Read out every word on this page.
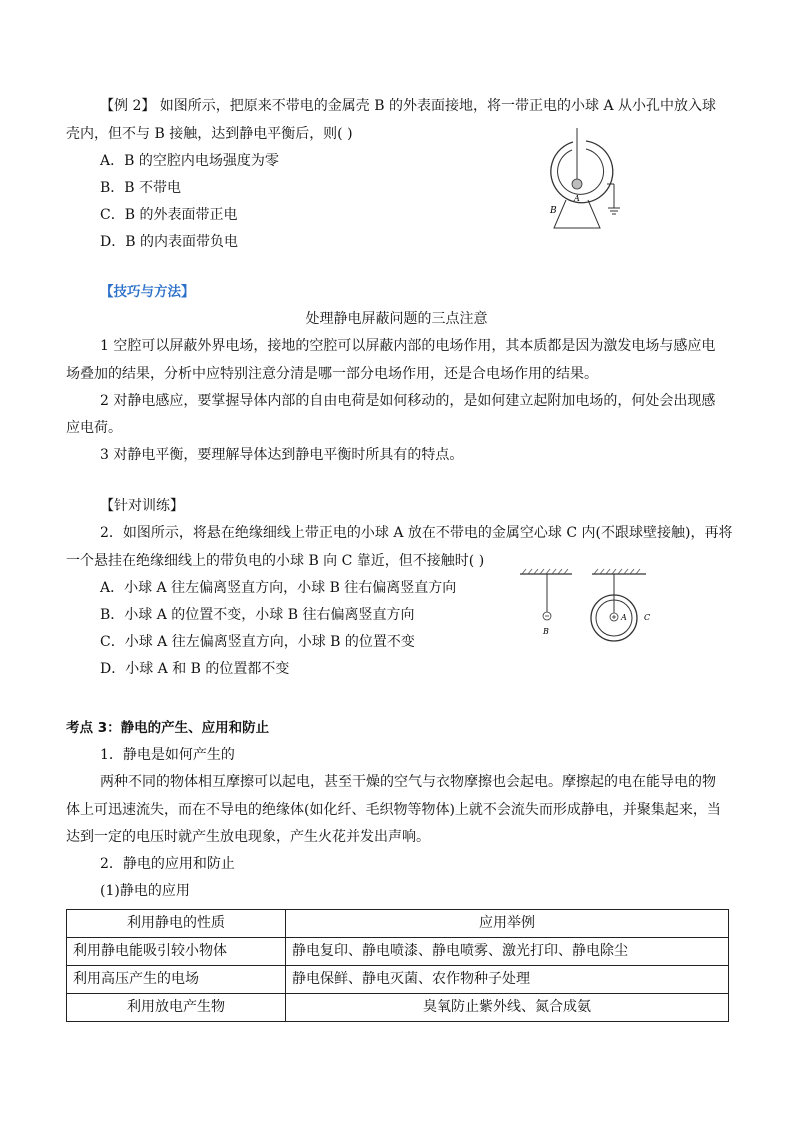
【例 2】 如图所示，把原来不带电的金属壳 B 的外表面接地，将一带正电的小球 A 从小孔中放入球
壳内，但不与 B 接触，达到静电平衡后，则( )
A．B 的空腔内电场强度为零
B．B 不带电
C．B 的外表面带正电
D．B 的内表面带负电
A
B
【技巧与方法】
处理静电屏蔽问题的三点注意
1 空腔可以屏蔽外界电场，接地的空腔可以屏蔽内部的电场作用，其本质都是因为激发电场与感应电
场叠加的结果，分析中应特别注意分清是哪一部分电场作用，还是合电场作用的结果。
2 对静电感应，要掌握导体内部的自由电荷是如何移动的，是如何建立起附加电场的，何处会出现感
应电荷。
3 对静电平衡，要理解导体达到静电平衡时所具有的特点。
【针对训练】
2．如图所示，将悬在绝缘细线上带正电的小球 A 放在不带电的金属空心球 C 内(不跟球壁接触)，再将
一个悬挂在绝缘细线上的带负电的小球 B 向 C 靠近，但不接触时( )
A．小球 A 往左偏离竖直方向，小球 B 往右偏离竖直方向
B．小球 A 的位置不变，小球 B 往右偏离竖直方向
C．小球 A 往左偏离竖直方向，小球 B 的位置不变
D．小球 A 和 B 的位置都不变
B
A C
考点 3：静电的产生、应用和防止
1．静电是如何产生的
两种不同的物体相互摩擦可以起电，甚至干燥的空气与衣物摩擦也会起电。摩擦起的电在能导电的物
体上可迅速流失，而在不导电的绝缘体(如化纤、毛织物等物体)上就不会流失而形成静电，并聚集起来，当
达到一定的电压时就产生放电现象，产生火花并发出声响。
2．静电的应用和防止
(1)静电的应用
利用静电的性质	应用举例
利用静电能吸引较小物体	静电复印、静电喷漆、静电喷雾、激光打印、静电除尘
利用高压产生的电场	静电保鲜、静电灭菌、农作物种子处理
利用放电产生物	臭氧防止紫外线、氮合成氨
